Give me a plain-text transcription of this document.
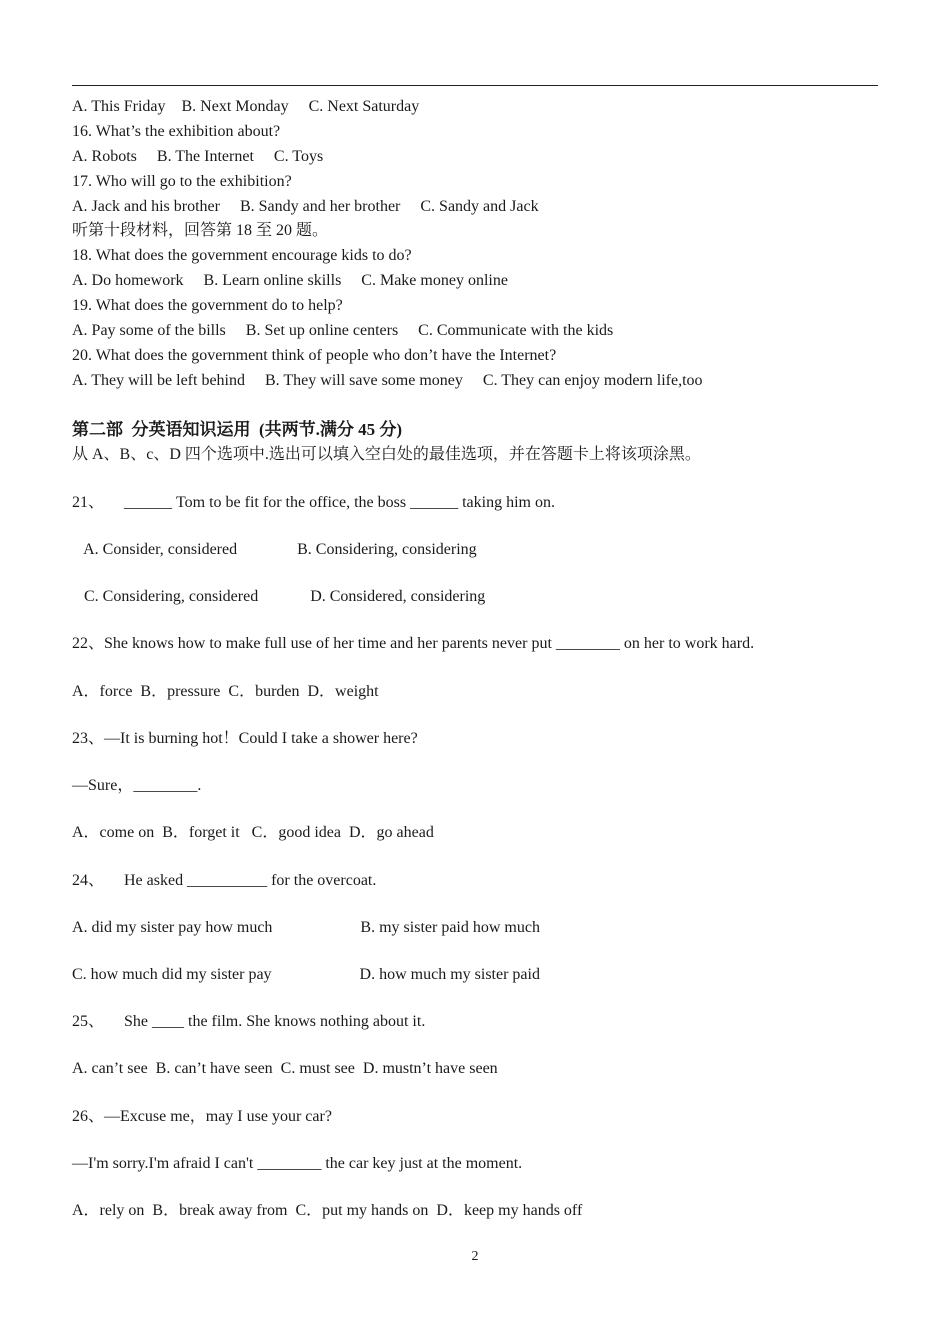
A. This Friday    B. Next Monday     C. Next Saturday
16. What’s the exhibition about?
A. Robots     B. The Internet     C. Toys
17. Who will go to the exhibition?
A. Jack and his brother     B. Sandy and her brother     C. Sandy and Jack
听第十段材料，回答第 18 至 20 题。
18. What does the government encourage kids to do?
A. Do homework     B. Learn online skills     C. Make money online
19. What does the government do to help?
A. Pay some of the bills     B. Set up online centers     C. Communicate with the kids
20. What does the government think of people who don’t have the Internet?
A. They will be left behind     B. They will save some money     C. They can enjoy modern life,too
第二部  分英语知识运用  (共两节.满分 45 分)
从 A、B、c、D 四个选项中.选出可以填入空白处的最佳选项，并在答题卡上将该项涂黑。
21、     ______ Tom to be fit for the office, the boss ______ taking him on.
A. Consider, considered               B. Considering, considering
C. Considering, considered             D. Considered, considering
22、She knows how to make full use of her time and her parents never put ________ on her to work hard.
A．force  B．pressure  C．burden  D．weight
23、—It is burning hot！Could I take a shower here?
—Sure，________.
A．come on  B．forget it   C．good idea  D．go ahead
24、     He asked __________ for the overcoat.
A. did my sister pay how much                      B. my sister paid how much
C. how much did my sister pay                      D. how much my sister paid
25、     She ____ the film. She knows nothing about it.
A. can’t see  B. can’t have seen  C. must see  D. mustn’t have seen
26、—Excuse me，may I use your car?
—I'm sorry.I'm afraid I can't ________ the car key just at the moment.
A．rely on  B．break away from  C．put my hands on  D．keep my hands off
2
